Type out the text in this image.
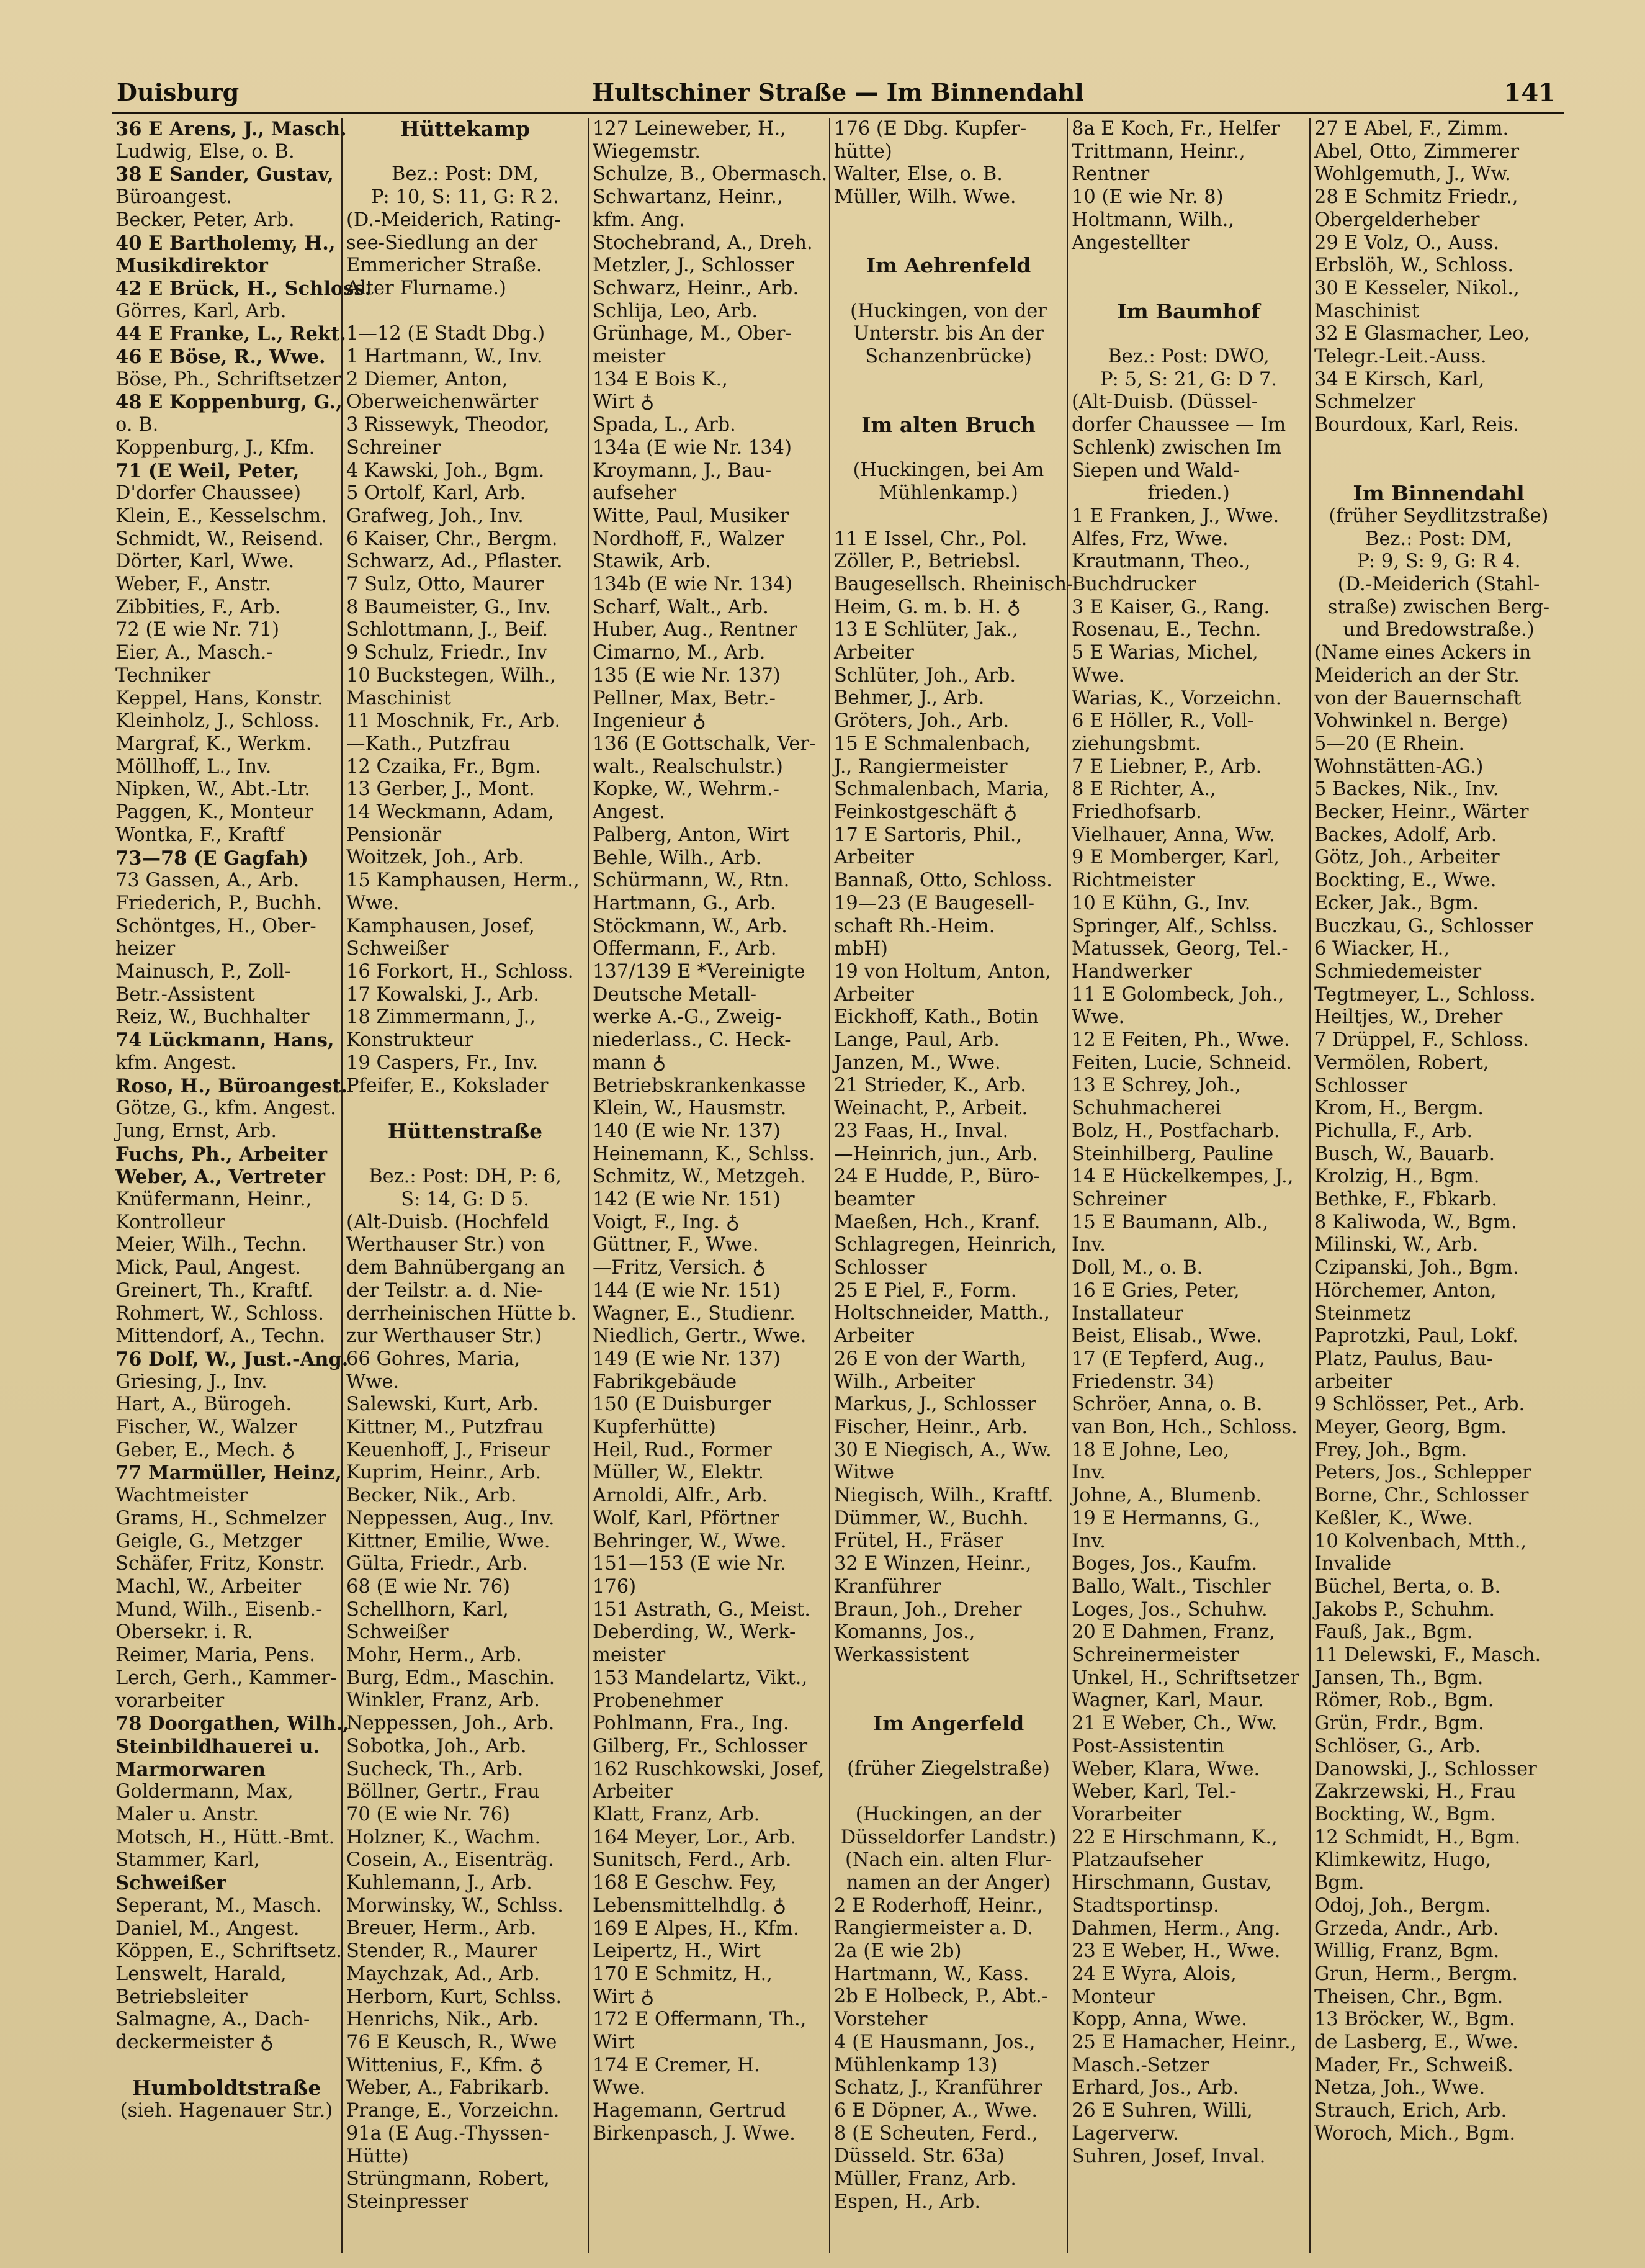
Duisburg	Hultschiner Straße — Im Binnendahl	141
36 E Arens, J., Masch.
Ludwig, Else, o. B.
38 E Sander, Gustav,
Büroangest.
Becker, Peter, Arb.
40 E Bartholemy, H.,
Musikdirektor
42 E Brück, H., Schloss.
Görres, Karl, Arb.
44 E Franke, L., Rekt.
46 E Böse, R., Wwe.
Böse, Ph., Schriftsetzer
48 E Koppenburg, G.,
o. B.
Koppenburg, J., Kfm.
71 (E Weil, Peter,
D'dorfer Chaussee)
Klein, E., Kesselschm.
Schmidt, W., Reisend.
Dörter, Karl, Wwe.
Weber, F., Anstr.
Zibbities, F., Arb.
72 (E wie Nr. 71)
Eier, A., Masch.-
Techniker
Keppel, Hans, Konstr.
Kleinholz, J., Schloss.
Margraf, K., Werkm.
Möllhoff, L., Inv.
Nipken, W., Abt.-Ltr.
Paggen, K., Monteur
Wontka, F., Kraftf
73—78 (E Gagfah)
73 Gassen, A., Arb.
Friederich, P., Buchh.
Schöntges, H., Ober-
heizer
Mainusch, P., Zoll-
Betr.-Assistent
Reiz, W., Buchhalter
74 Lückmann, Hans,
kfm. Angest.
Roso, H., Büroangest.
Götze, G., kfm. Angest.
Jung, Ernst, Arb.
Fuchs, Ph., Arbeiter
Weber, A., Vertreter
Knüfermann, Heinr.,
Kontrolleur
Meier, Wilh., Techn.
Mick, Paul, Angest.
Greinert, Th., Kraftf.
Rohmert, W., Schloss.
Mittendorf, A., Techn.
76 Dolf, W., Just.-Ang.
Griesing, J., Inv.
Hart, A., Bürogeh.
Fischer, W., Walzer
Geber, E., Mech. ♁
77 Marmüller, Heinz,
Wachtmeister
Grams, H., Schmelzer
Geigle, G., Metzger
Schäfer, Fritz, Konstr.
Machl, W., Arbeiter
Mund, Wilh., Eisenb.-
Obersekr. i. R.
Reimer, Maria, Pens.
Lerch, Gerh., Kammer-
vorarbeiter
78 Doorgathen, Wilh.,
Steinbildhauerei u.
Marmorwaren
Goldermann, Max,
Maler u. Anstr.
Motsch, H., Hütt.-Bmt.
Stammer, Karl,
Schweißer
Seperant, M., Masch.
Daniel, M., Angest.
Köppen, E., Schriftsetz.
Lenswelt, Harald,
Betriebsleiter
Salmagne, A., Dach-
deckermeister ♁
Humboldtstraße
(sieh. Hagenauer Str.)
Hüttekamp
Bez.: Post: DM,
P: 10, S: 11, G: R 2.
(D.-Meiderich, Rating-
see-Siedlung an der
Emmericher Straße.
Alter Flurname.)
1—12 (E Stadt Dbg.)
1 Hartmann, W., Inv.
2 Diemer, Anton,
Oberweichenwärter
3 Rissewyk, Theodor,
Schreiner
4 Kawski, Joh., Bgm.
5 Ortolf, Karl, Arb.
Grafweg, Joh., Inv.
6 Kaiser, Chr., Bergm.
Schwarz, Ad., Pflaster.
7 Sulz, Otto, Maurer
8 Baumeister, G., Inv.
Schlottmann, J., Beif.
9 Schulz, Friedr., Inv
10 Buckstegen, Wilh.,
Maschinist
11 Moschnik, Fr., Arb.
—Kath., Putzfrau
12 Czaika, Fr., Bgm.
13 Gerber, J., Mont.
14 Weckmann, Adam,
Pensionär
Woitzek, Joh., Arb.
15 Kamphausen, Herm.,
Wwe.
Kamphausen, Josef,
Schweißer
16 Forkort, H., Schloss.
17 Kowalski, J., Arb.
18 Zimmermann, J.,
Konstrukteur
19 Caspers, Fr., Inv.
Pfeifer, E., Kokslader
Hüttenstraße
Bez.: Post: DH, P: 6,
S: 14, G: D 5.
(Alt-Duisb. (Hochfeld
Werthauser Str.) von
dem Bahnübergang an
der Teilstr. a. d. Nie-
derrheinischen Hütte b.
zur Werthauser Str.)
66 Gohres, Maria,
Wwe.
Salewski, Kurt, Arb.
Kittner, M., Putzfrau
Keuenhoff, J., Friseur
Kuprim, Heinr., Arb.
Becker, Nik., Arb.
Neppessen, Aug., Inv.
Kittner, Emilie, Wwe.
Gülta, Friedr., Arb.
68 (E wie Nr. 76)
Schellhorn, Karl,
Schweißer
Mohr, Herm., Arb.
Burg, Edm., Maschin.
Winkler, Franz, Arb.
Neppessen, Joh., Arb.
Sobotka, Joh., Arb.
Sucheck, Th., Arb.
Böllner, Gertr., Frau
70 (E wie Nr. 76)
Holzner, K., Wachm.
Cosein, A., Eisenträg.
Kuhlemann, J., Arb.
Morwinsky, W., Schlss.
Breuer, Herm., Arb.
Stender, R., Maurer
Maychzak, Ad., Arb.
Herborn, Kurt, Schlss.
Henrichs, Nik., Arb.
76 E Keusch, R., Wwe
Wittenius, F., Kfm. ♁
Weber, A., Fabrikarb.
Prange, E., Vorzeichn.
91a (E Aug.-Thyssen-
Hütte)
Strüngmann, Robert,
Steinpresser
127 Leineweber, H.,
Wiegemstr.
Schulze, B., Obermasch.
Schwartanz, Heinr.,
kfm. Ang.
Stochebrand, A., Dreh.
Metzler, J., Schlosser
Schwarz, Heinr., Arb.
Schlija, Leo, Arb.
Grünhage, M., Ober-
meister
134 E Bois K.,
Wirt ♁
Spada, L., Arb.
134a (E wie Nr. 134)
Kroymann, J., Bau-
aufseher
Witte, Paul, Musiker
Nordhoff, F., Walzer
Stawik, Arb.
134b (E wie Nr. 134)
Scharf, Walt., Arb.
Huber, Aug., Rentner
Cimarno, M., Arb.
135 (E wie Nr. 137)
Pellner, Max, Betr.-
Ingenieur ♁
136 (E Gottschalk, Ver-
walt., Realschulstr.)
Kopke, W., Wehrm.-
Angest.
Palberg, Anton, Wirt
Behle, Wilh., Arb.
Schürmann, W., Rtn.
Hartmann, G., Arb.
Stöckmann, W., Arb.
Offermann, F., Arb.
137/139 E *Vereinigte
Deutsche Metall-
werke A.-G., Zweig-
niederlass., C. Heck-
mann ♁
Betriebskrankenkasse
Klein, W., Hausmstr.
140 (E wie Nr. 137)
Heinemann, K., Schlss.
Schmitz, W., Metzgeh.
142 (E wie Nr. 151)
Voigt, F., Ing. ♁
Güttner, F., Wwe.
—Fritz, Versich. ♁
144 (E wie Nr. 151)
Wagner, E., Studienr.
Niedlich, Gertr., Wwe.
149 (E wie Nr. 137)
Fabrikgebäude
150 (E Duisburger
Kupferhütte)
Heil, Rud., Former
Müller, W., Elektr.
Arnoldi, Alfr., Arb.
Wolf, Karl, Pförtner
Behringer, W., Wwe.
151—153 (E wie Nr.
176)
151 Astrath, G., Meist.
Deberding, W., Werk-
meister
153 Mandelartz, Vikt.,
Probenehmer
Pohlmann, Fra., Ing.
Gilberg, Fr., Schlosser
162 Ruschkowski, Josef,
Arbeiter
Klatt, Franz, Arb.
164 Meyer, Lor., Arb.
Sunitsch, Ferd., Arb.
168 E Geschw. Fey,
Lebensmittelhdlg. ♁
169 E Alpes, H., Kfm.
Leipertz, H., Wirt
170 E Schmitz, H.,
Wirt ♁
172 E Offermann, Th.,
Wirt
174 E Cremer, H.
Wwe.
Hagemann, Gertrud
Birkenpasch, J. Wwe.
176 (E Dbg. Kupfer-
hütte)
Walter, Else, o. B.
Müller, Wilh. Wwe.
Im Aehrenfeld
(Huckingen, von der
Unterstr. bis An der
Schanzenbrücke)
Im alten Bruch
(Huckingen, bei Am
Mühlenkamp.)
11 E Issel, Chr., Pol.
Zöller, P., Betriebsl.
Baugesellsch. Rheinisch-
Heim, G. m. b. H. ♁
13 E Schlüter, Jak.,
Arbeiter
Schlüter, Joh., Arb.
Behmer, J., Arb.
Gröters, Joh., Arb.
15 E Schmalenbach,
J., Rangiermeister
Schmalenbach, Maria,
Feinkostgeschäft ♁
17 E Sartoris, Phil.,
Arbeiter
Bannaß, Otto, Schloss.
19—23 (E Baugesell-
schaft Rh.-Heim.
mbH)
19 von Holtum, Anton,
Arbeiter
Eickhoff, Kath., Botin
Lange, Paul, Arb.
Janzen, M., Wwe.
21 Strieder, K., Arb.
Weinacht, P., Arbeit.
23 Faas, H., Inval.
—Heinrich, jun., Arb.
24 E Hudde, P., Büro-
beamter
Maeßen, Hch., Kranf.
Schlagregen, Heinrich,
Schlosser
25 E Piel, F., Form.
Holtschneider, Matth.,
Arbeiter
26 E von der Warth,
Wilh., Arbeiter
Markus, J., Schlosser
Fischer, Heinr., Arb.
30 E Niegisch, A., Ww.
Witwe
Niegisch, Wilh., Kraftf.
Dümmer, W., Buchh.
Frütel, H., Fräser
32 E Winzen, Heinr.,
Kranführer
Braun, Joh., Dreher
Komanns, Jos.,
Werkassistent
Im Angerfeld
(früher Ziegelstraße)
(Huckingen, an der
Düsseldorfer Landstr.)
(Nach ein. alten Flur-
namen an der Anger)
2 E Roderhoff, Heinr.,
Rangiermeister a. D.
2a (E wie 2b)
Hartmann, W., Kass.
2b E Holbeck, P., Abt.-
Vorsteher
4 (E Hausmann, Jos.,
Mühlenkamp 13)
Schatz, J., Kranführer
6 E Döpner, A., Wwe.
8 (E Scheuten, Ferd.,
Düsseld. Str. 63a)
Müller, Franz, Arb.
Espen, H., Arb.
8a E Koch, Fr., Helfer
Trittmann, Heinr.,
Rentner
10 (E wie Nr. 8)
Holtmann, Wilh.,
Angestellter
Im Baumhof
Bez.: Post: DWO,
P: 5, S: 21, G: D 7.
(Alt-Duisb. (Düssel-
dorfer Chaussee — Im
Schlenk) zwischen Im
Siepen und Wald-
frieden.)
1 E Franken, J., Wwe.
Alfes, Frz, Wwe.
Krautmann, Theo.,
Buchdrucker
3 E Kaiser, G., Rang.
Rosenau, E., Techn.
5 E Warias, Michel,
Wwe.
Warias, K., Vorzeichn.
6 E Höller, R., Voll-
ziehungsbmt.
7 E Liebner, P., Arb.
8 E Richter, A.,
Friedhofsarb.
Vielhauer, Anna, Ww.
9 E Momberger, Karl,
Richtmeister
10 E Kühn, G., Inv.
Springer, Alf., Schlss.
Matussek, Georg, Tel.-
Handwerker
11 E Golombeck, Joh.,
Wwe.
12 E Feiten, Ph., Wwe.
Feiten, Lucie, Schneid.
13 E Schrey, Joh.,
Schuhmacherei
Bolz, H., Postfacharb.
Steinhilberg, Pauline
14 E Hückelkempes, J.,
Schreiner
15 E Baumann, Alb.,
Inv.
Doll, M., o. B.
16 E Gries, Peter,
Installateur
Beist, Elisab., Wwe.
17 (E Tepferd, Aug.,
Friedenstr. 34)
Schröer, Anna, o. B.
van Bon, Hch., Schloss.
18 E Johne, Leo,
Inv.
Johne, A., Blumenb.
19 E Hermanns, G.,
Inv.
Boges, Jos., Kaufm.
Ballo, Walt., Tischler
Loges, Jos., Schuhw.
20 E Dahmen, Franz,
Schreinermeister
Unkel, H., Schriftsetzer
Wagner, Karl, Maur.
21 E Weber, Ch., Ww.
Post-Assistentin
Weber, Klara, Wwe.
Weber, Karl, Tel.-
Vorarbeiter
22 E Hirschmann, K.,
Platzaufseher
Hirschmann, Gustav,
Stadtsportinsp.
Dahmen, Herm., Ang.
23 E Weber, H., Wwe.
24 E Wyra, Alois,
Monteur
Kopp, Anna, Wwe.
25 E Hamacher, Heinr.,
Masch.-Setzer
Erhard, Jos., Arb.
26 E Suhren, Willi,
Lagerverw.
Suhren, Josef, Inval.
27 E Abel, F., Zimm.
Abel, Otto, Zimmerer
Wohlgemuth, J., Ww.
28 E Schmitz Friedr.,
Obergelderheber
29 E Volz, O., Auss.
Erbslöh, W., Schloss.
30 E Kesseler, Nikol.,
Maschinist
32 E Glasmacher, Leo,
Telegr.-Leit.-Auss.
34 E Kirsch, Karl,
Schmelzer
Bourdoux, Karl, Reis.
Im Binnendahl
(früher Seydlitzstraße)
Bez.: Post: DM,
P: 9, S: 9, G: R 4.
(D.-Meiderich (Stahl-
straße) zwischen Berg-
und Bredowstraße.)
(Name eines Ackers in
Meiderich an der Str.
von der Bauernschaft
Vohwinkel n. Berge)
5—20 (E Rhein.
Wohnstätten-AG.)
5 Backes, Nik., Inv.
Becker, Heinr., Wärter
Backes, Adolf, Arb.
Götz, Joh., Arbeiter
Bockting, E., Wwe.
Ecker, Jak., Bgm.
Buczkau, G., Schlosser
6 Wiacker, H.,
Schmiedemeister
Tegtmeyer, L., Schloss.
Heiltjes, W., Dreher
7 Drüppel, F., Schloss.
Vermölen, Robert,
Schlosser
Krom, H., Bergm.
Pichulla, F., Arb.
Busch, W., Bauarb.
Krolzig, H., Bgm.
Bethke, F., Fbkarb.
8 Kaliwoda, W., Bgm.
Milinski, W., Arb.
Czipanski, Joh., Bgm.
Hörchemer, Anton,
Steinmetz
Paprotzki, Paul, Lokf.
Platz, Paulus, Bau-
arbeiter
9 Schlösser, Pet., Arb.
Meyer, Georg, Bgm.
Frey, Joh., Bgm.
Peters, Jos., Schlepper
Borne, Chr., Schlosser
Keßler, K., Wwe.
10 Kolvenbach, Mtth.,
Invalide
Büchel, Berta, o. B.
Jakobs P., Schuhm.
Fauß, Jak., Bgm.
11 Delewski, F., Masch.
Jansen, Th., Bgm.
Römer, Rob., Bgm.
Grün, Frdr., Bgm.
Schlöser, G., Arb.
Danowski, J., Schlosser
Zakrzewski, H., Frau
Bockting, W., Bgm.
12 Schmidt, H., Bgm.
Klimkewitz, Hugo,
Bgm.
Odoj, Joh., Bergm.
Grzeda, Andr., Arb.
Willig, Franz, Bgm.
Grun, Herm., Bergm.
Theisen, Chr., Bgm.
13 Bröcker, W., Bgm.
de Lasberg, E., Wwe.
Mader, Fr., Schweiß.
Netza, Joh., Wwe.
Strauch, Erich, Arb.
Woroch, Mich., Bgm.
